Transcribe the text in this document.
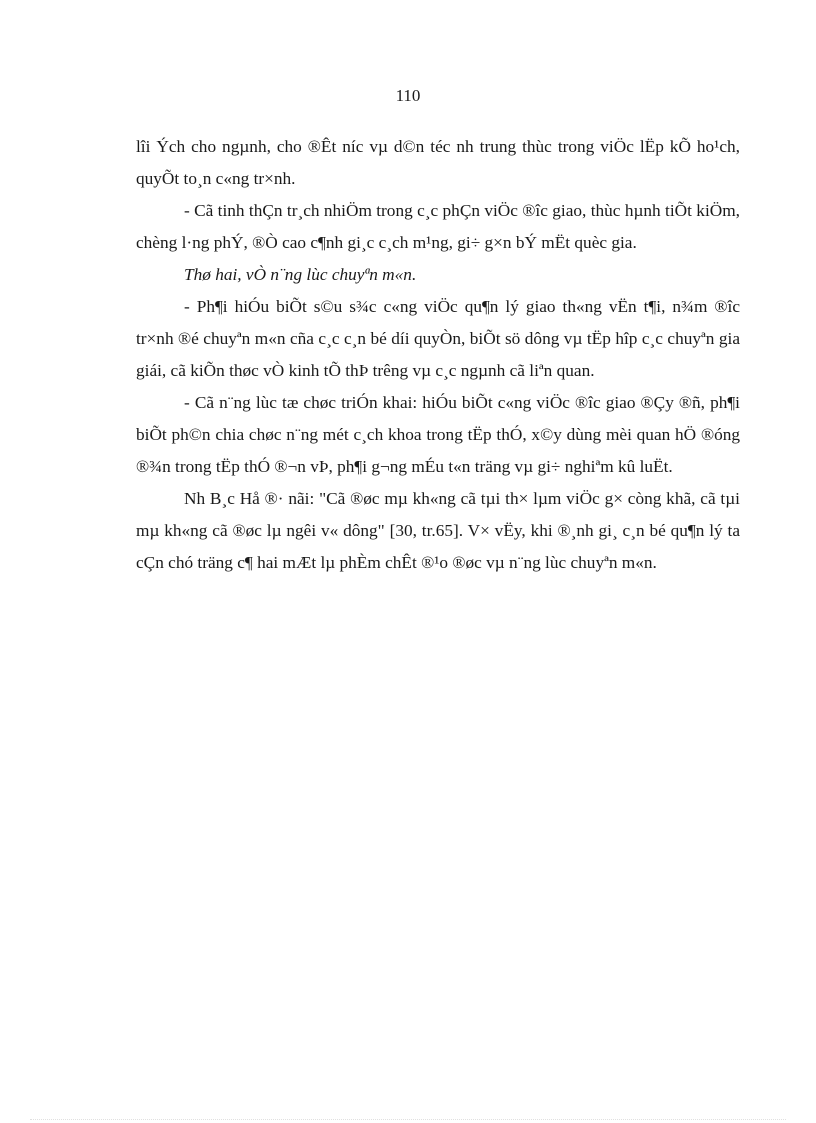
110

lîi Ých cho ngµnh, cho ®Êt níc vµ d©n téc nh trung thùc trong viÖc lËp kÕ ho¹ch, quyÕt to¸n c«ng tr×nh.

- Cã tinh thÇn tr¸ch nhiÖm trong c¸c phÇn viÖc ®îc giao, thùc hµnh tiÕt kiÖm, chèng l·ng phÝ, ®Ò cao c¶nh gi¸c c¸ch m¹ng, gi÷ g×n bÝ mËt quèc gia.

Thø hai, vÒ n¨ng lùc chuyªn m«n.

- Ph¶i hiÓu biÕt s©u s¾c c«ng viÖc qu¶n lý giao th«ng vËn t¶i, n¾m ®îc tr×nh ®é chuyªn m«n cña c¸c c¸n bé díi quyÒn, biÕt sö dông vµ tËp hîp c¸c chuyªn gia giái, cã kiÕn thøc vÒ kinh tÕ thÞ trêng vµ c¸c ngµnh cã liªn quan.

- Cã n¨ng lùc tæ chøc triÓn khai: hiÓu biÕt c«ng viÖc ®îc giao ®Çy ®ñ, ph¶i biÕt ph©n chia chøc n¨ng mét c¸ch khoa trong tËp thÓ, x©y dùng mèi quan hÖ ®óng ®¾n trong tËp thÓ ®¬n vÞ, ph¶i g¬ng mÉu t«n träng vµ gi÷ nghiªm kû luËt.

Nh B¸c Hå ®· nãi: "Cã ®øc mµ kh«ng cã tµi th× lµm viÖc g× còng khã, cã tµi mµ kh«ng cã ®øc lµ ngêi v« dông" [30, tr.65]. V× vËy, khi ®¸nh gi¸ c¸n bé qu¶n lý ta cÇn chó träng c¶ hai mÆt lµ phÈm chÊt ®¹o ®øc vµ n¨ng lùc chuyªn m«n.
